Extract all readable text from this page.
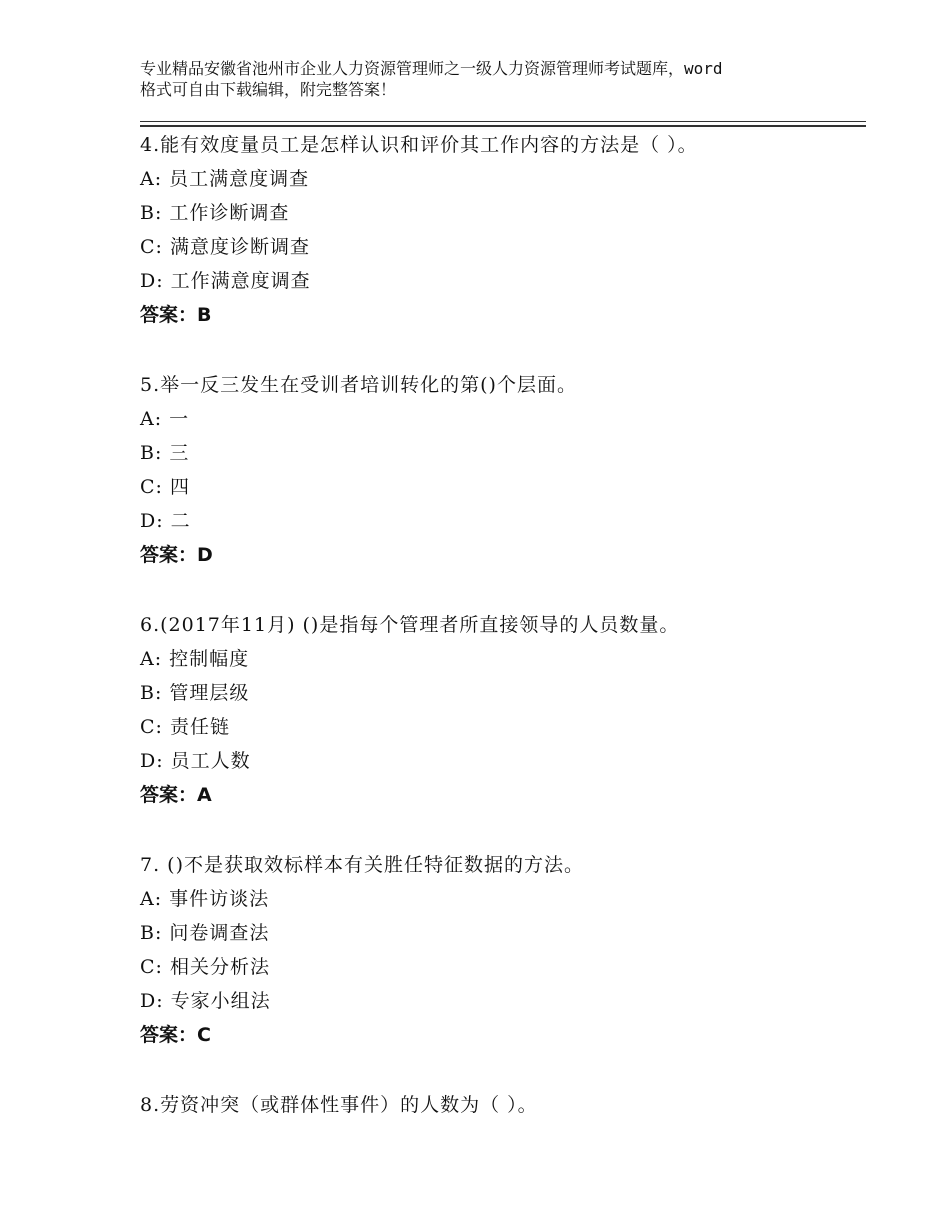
专业精品安徽省池州市企业人力资源管理师之一级人力资源管理师考试题库，word
格式可自由下载编辑，附完整答案！
4.能有效度量员工是怎样认识和评价其工作内容的方法是（ ）。
A: 员工满意度调查
B: 工作诊断调查
C: 满意度诊断调查
D: 工作满意度调查
答案：B
5.举一反三发生在受训者培训转化的第()个层面。
A: 一
B: 三
C: 四
D: 二
答案：D
6.(2017年11月) ()是指每个管理者所直接领导的人员数量。
A: 控制幅度
B: 管理层级
C: 责任链
D: 员工人数
答案：A
7. ()不是获取效标样本有关胜任特征数据的方法。
A: 事件访谈法
B: 问卷调查法
C: 相关分析法
D: 专家小组法
答案：C
8.劳资冲突（或群体性事件）的人数为（ ）。
